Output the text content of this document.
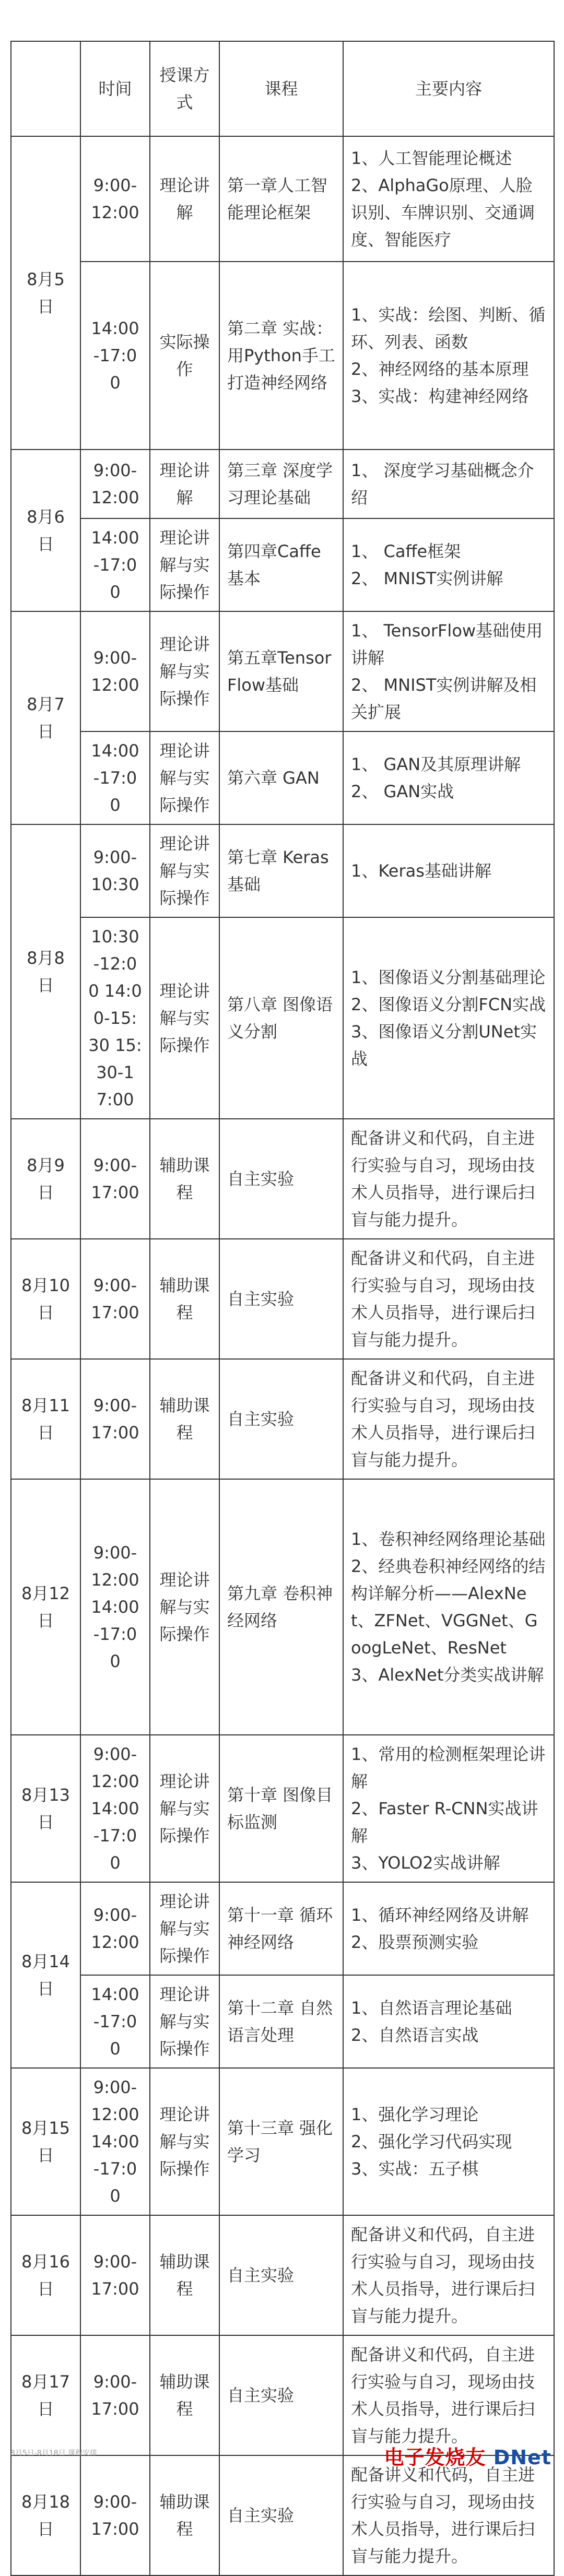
	时间	授课方式	课程	主要内容
8月5日	9:00-12:00	理论讲解	第一章人工智能理论框架	1、人工智能理论概述
2、AlphaGo原理、人脸识别、车牌识别、交通调度、智能医疗

	14:00-17:00	实际操作	第二章 实战：用Python手工打造神经网络	1、实战：绘图、判断、循环、列表、函数
2、神经网络的基本原理
3、实战：构建神经网络

8月6日	9:00-12:00	理论讲解	第三章 深度学习理论基础	1、 深度学习基础概念介绍

	14:00-17:00	理论讲解与实际操作	第四章Caffe基本	1、 Caffe框架
2、 MNIST实例讲解

8月7日	9:00-12:00	理论讲解与实际操作	第五章TensorFlow基础	1、 TensorFlow基础使用讲解
2、 MNIST实例讲解及相关扩展

	14:00-17:00	理论讲解与实际操作	第六章 GAN	1、 GAN及其原理讲解
2、 GAN实战

8月8日	9:00-10:30	理论讲解与实际操作	第七章 Keras基础	1、Keras基础讲解

	10:30-12:00 14:00-15:30 15:30-17:00	理论讲解与实际操作	第八章 图像语义分割	1、图像语义分割基础理论
2、图像语义分割FCN实战
3、图像语义分割UNet实战

8月9日	9:00-17:00	辅助课程	自主实验	配备讲义和代码，自主进行实验与自习，现场由技术人员指导，进行课后扫盲与能力提升。

8月10日	9:00-17:00	辅助课程	自主实验	配备讲义和代码，自主进行实验与自习，现场由技术人员指导，进行课后扫盲与能力提升。

8月11日	9:00-17:00	辅助课程	自主实验	配备讲义和代码，自主进行实验与自习，现场由技术人员指导，进行课后扫盲与能力提升。

8月12日	9:00-12:00 14:00-17:00	理论讲解与实际操作	第九章 卷积神经网络	1、卷积神经网络理论基础
2、经典卷积神经网络的结构详解分析——AlexNet、ZFNet、VGGNet、GoogLeNet、ResNet
3、AlexNet分类实战讲解

8月13日	9:00-12:00 14:00-17:00	理论讲解与实际操作	第十章 图像目标监测	1、常用的检测框架理论讲解
2、Faster R-CNN实战讲解
3、YOLO2实战讲解

8月14日	9:00-12:00	理论讲解与实际操作	第十一章 循环神经网络	1、循环神经网络及讲解
2、股票预测实验

	14:00-17:00	理论讲解与实际操作	第十二章 自然语言处理	1、自然语言理论基础
2、自然语言实战

8月15日	9:00-12:00 14:00-17:00	理论讲解与实际操作	第十三章 强化学习	1、强化学习理论
2、强化学习代码实现
3、实战：五子棋

8月16日	9:00-17:00	辅助课程	自主实验	配备讲义和代码，自主进行实验与自习，现场由技术人员指导，进行课后扫盲与能力提升。

8月17日	9:00-17:00	辅助课程	自主实验	配备讲义和代码，自主进行实验与自习，现场由技术人员指导，进行课后扫盲与能力提升。

8月18日	9:00-17:00	辅助课程	自主实验	配备讲义和代码，自主进行实验与自习，现场由技术人员指导，进行课后扫盲与能力提升。
8月5日-8月18日 课程安排	电子发烧友 DNet
